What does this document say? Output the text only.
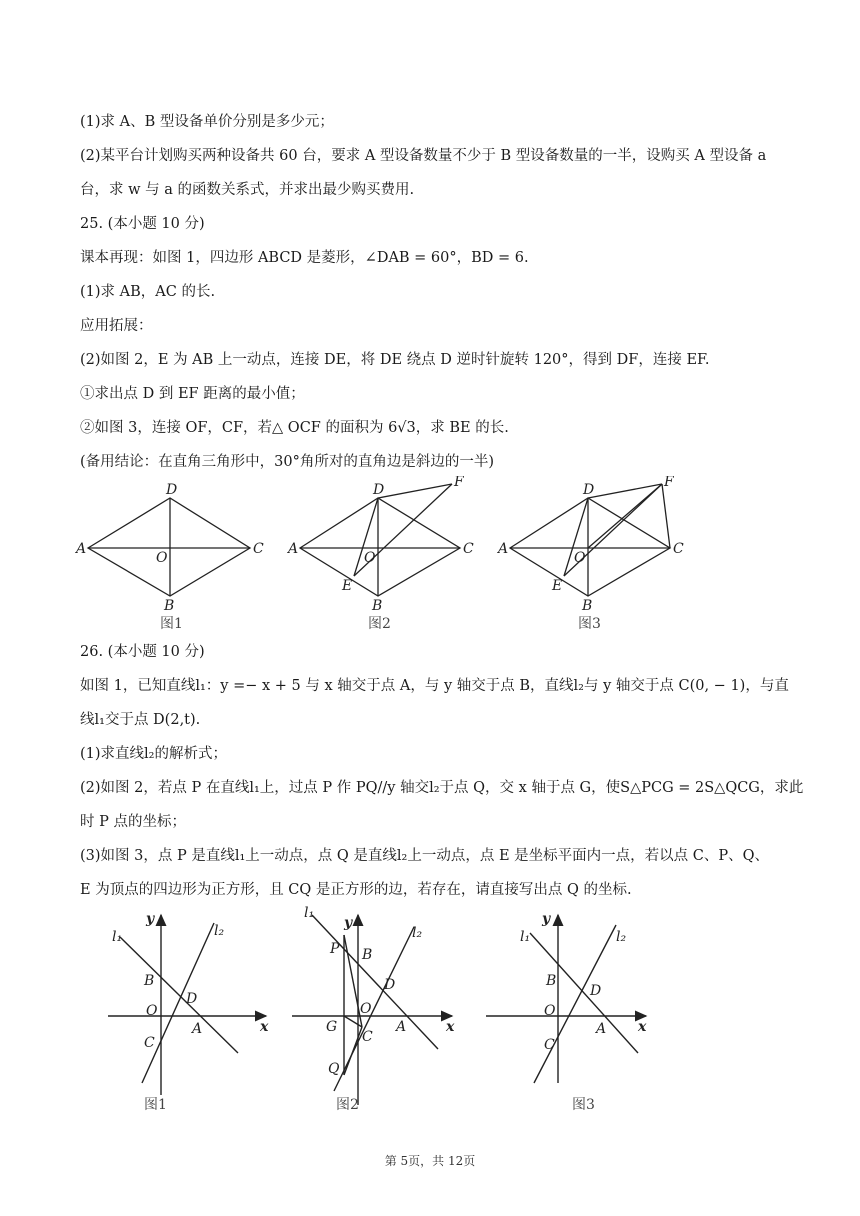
(1)求 A、B 型设备单价分别是多少元；
(2)某平台计划购买两种设备共 60 台，要求 A 型设备数量不少于 B 型设备数量的一半，设购买 A 型设备 a
台，求 w 与 a 的函数关系式，并求出最少购买费用.
25. (本小题 10 分)
课本再现：如图 1，四边形 ABCD 是菱形，∠DAB = 60°，BD = 6.
(1)求 AB，AC 的长.
应用拓展：
(2)如图 2，E 为 AB 上一动点，连接 DE，将 DE 绕点 D 逆时针旋转 120°，得到 DF，连接 EF.
①求出点 D 到 EF 距离的最小值；
②如图 3，连接 OF，CF，若△ OCF 的面积为 6√3，求 BE 的长.
(备用结论：在直角三角形中，30°角所对的直角边是斜边的一半)
A
D
C
O
B
图1
A
D	F
C
O
E
B
图2
A
D	F
C
O
E
B
图3
26. (本小题 10 分)
如图 1，已知直线l₁：y =− x + 5 与 x 轴交于点 A，与 y 轴交于点 B，直线l₂与 y 轴交于点 C(0, − 1)，与直
线l₁交于点 D(2,t).
(1)求直线l₂的解析式；
(2)如图 2，若点 P 在直线l₁上，过点 P 作 PQ//y 轴交l₂于点 Q，交 x 轴于点 G，使S△PCG = 2S△QCG，求此
时 P 点的坐标；
(3)如图 3，点 P 是直线l₁上一动点，点 Q 是直线l₂上一动点，点 E 是坐标平面内一点，若以点 C、P、Q、
E 为顶点的四边形为正方形，且 CQ 是正方形的边，若存在，请直接写出点 Q 的坐标.
y
x
l₁	l₂
B
D
O
A
C
图1
l₁
y
l₂
P B
D
O
A
G
C
x
Q
图2
l₁
y
l₂
B
D
O
A x
C
图3
第 5页，共 12页
